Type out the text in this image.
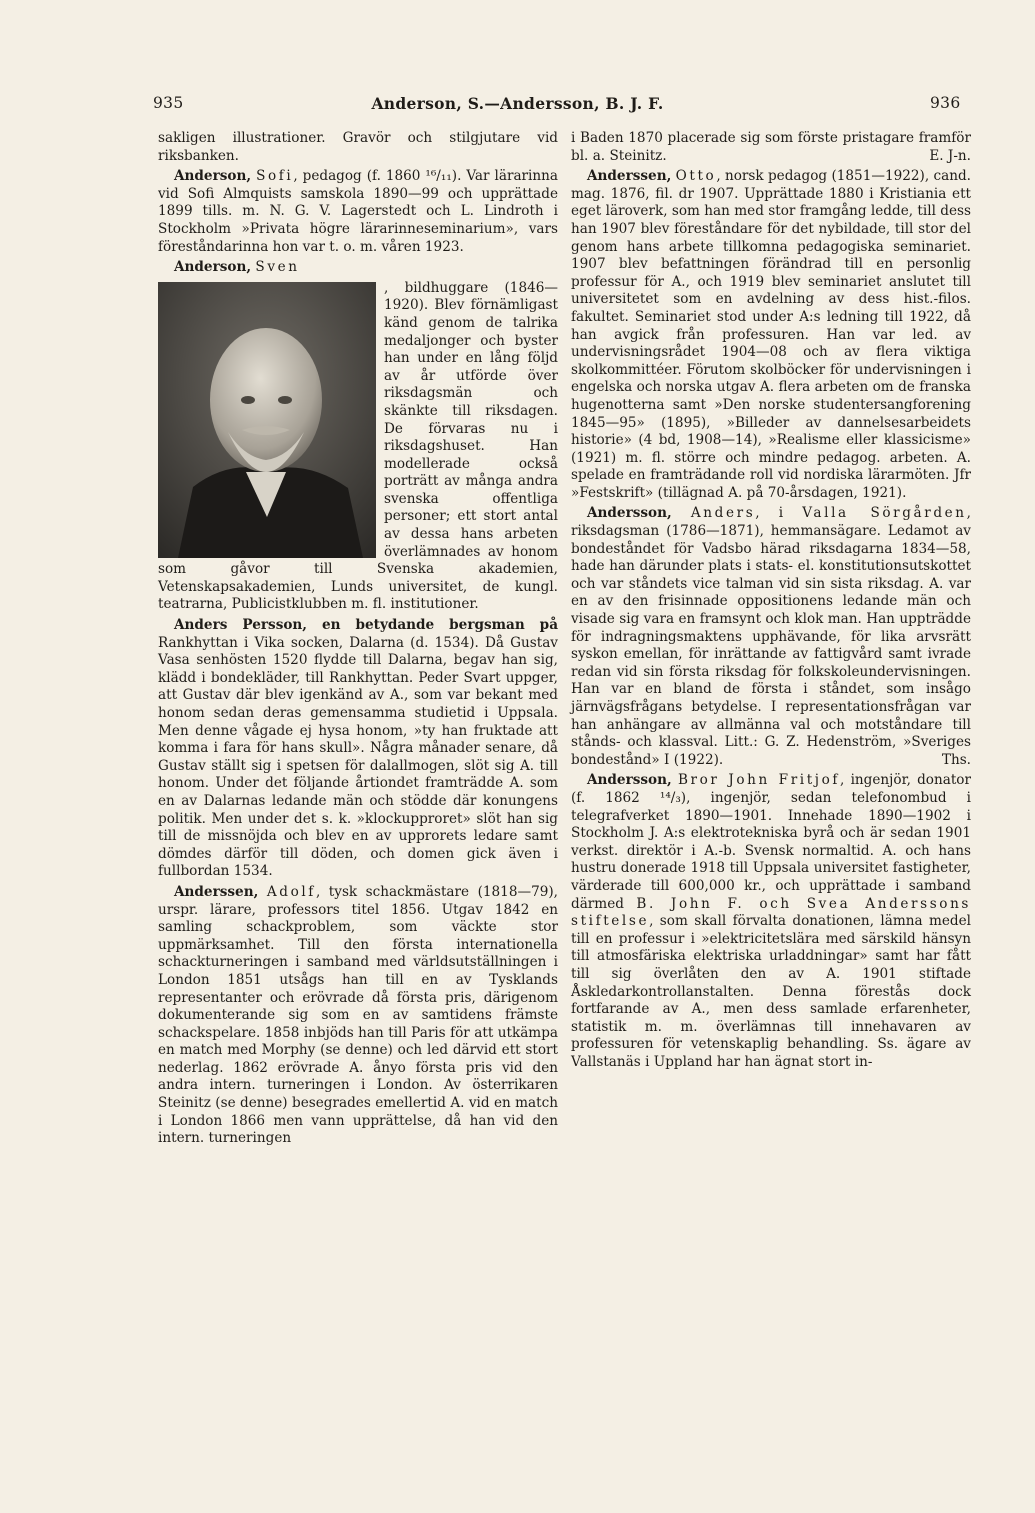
935	Anderson, S.—Andersson, B. J. F.	936

sakligen illustrationer. Gravör och stilgjutare vid riksbanken.

Anderson, Sofi, pedagog (f. 1860 ¹⁶/₁₁). Var lärarinna vid Sofi Almquists samskola 1890—99 och upprättade 1899 tills. m. N. G. V. Lagerstedt och L. Lindroth i Stockholm »Privata högre lärarinneseminarium», vars föreståndarinna hon var t. o. m. våren 1923.

Anderson, Sven

, bildhuggare (1846—1920). Blev förnämligast känd genom de talrika medaljonger och byster han under en lång följd av år utförde över riksdagsmän och skänkte till riksdagen. De förvaras nu i riksdagshuset. Han modellerade också porträtt av många andra svenska offentliga personer; ett stort antal av dessa hans arbeten överlämnades av honom som gåvor till Svenska akademien, Vetenskapsakademien, Lunds universitet, de kungl. teatrarna, Publicistklubben m. fl. institutioner.

Anders Persson, en betydande bergsman på Rankhyttan i Vika socken, Dalarna (d. 1534). Då Gustav Vasa senhösten 1520 flydde till Dalarna, begav han sig, klädd i bondekläder, till Rankhyttan. Peder Svart uppger, att Gustav där blev igenkänd av A., som var bekant med honom sedan deras gemensamma studietid i Uppsala. Men denne vågade ej hysa honom, »ty han fruktade att komma i fara för hans skull». Några månader senare, då Gustav ställt sig i spetsen för dalallmogen, slöt sig A. till honom. Under det följande årtiondet framträdde A. som en av Dalarnas ledande män och stödde där konungens politik. Men under det s. k. »klockupproret» slöt han sig till de missnöjda och blev en av upprorets ledare samt dömdes därför till döden, och domen gick även i fullbordan 1534.

Anderssen, Adolf, tysk schackmästare (1818—79), urspr. lärare, professors titel 1856. Utgav 1842 en samling schackproblem, som väckte stor uppmärksamhet. Till den första internationella schackturneringen i samband med världsutställningen i London 1851 utsågs han till en av Tysklands representanter och erövrade då första pris, därigenom dokumenterande sig som en av samtidens främste schackspelare. 1858 inbjöds han till Paris för att utkämpa en match med Morphy (se denne) och led därvid ett stort nederlag. 1862 erövrade A. ånyo första pris vid den andra intern. turneringen i London. Av österrikaren Steinitz (se denne) besegrades emellertid A. vid en match i London 1866 men vann upprättelse, då han vid den intern. turneringen

i Baden 1870 placerade sig som förste pristagare framför bl. a. Steinitz.	E. J-n.

Anderssen, Otto, norsk pedagog (1851—1922), cand. mag. 1876, fil. dr 1907. Upprättade 1880 i Kristiania ett eget läroverk, som han med stor framgång ledde, till dess han 1907 blev föreståndare för det nybildade, till stor del genom hans arbete tillkomna pedagogiska seminariet. 1907 blev befattningen förändrad till en personlig professur för A., och 1919 blev seminariet anslutet till universitetet som en avdelning av dess hist.-filos. fakultet. Seminariet stod under A:s ledning till 1922, då han avgick från professuren. Han var led. av undervisningsrådet 1904—08 och av flera viktiga skolkommittéer. Förutom skolböcker för undervisningen i engelska och norska utgav A. flera arbeten om de franska hugenotterna samt »Den norske studentersangforening 1845—95» (1895), »Billeder av dannelsesarbeidets historie» (4 bd, 1908—14), »Realisme eller klassicisme» (1921) m. fl. större och mindre pedagog. arbeten. A. spelade en framträdande roll vid nordiska lärarmöten. Jfr »Festskrift» (tillägnad A. på 70-årsdagen, 1921).

Andersson, Anders, i Valla Sörgården, riksdagsman (1786—1871), hemmansägare. Ledamot av bondeståndet för Vadsbo härad riksdagarna 1834—58, hade han därunder plats i stats- el. konstitutionsutskottet och var ståndets vice talman vid sin sista riksdag. A. var en av den frisinnade oppositionens ledande män och visade sig vara en framsynt och klok man. Han uppträdde för indragningsmaktens upphävande, för lika arvsrätt syskon emellan, för inrättande av fattigvård samt ivrade redan vid sin första riksdag för folkskoleundervisningen. Han var en bland de första i ståndet, som insågo järnvägsfrågans betydelse. I representationsfrågan var han anhängare av allmänna val och motståndare till stånds- och klassval. Litt.: G. Z. Hedenström, »Sveriges bondestånd» I (1922).	Ths.

Andersson, Bror John Fritjof, ingenjör, donator (f. 1862 ¹⁴/₃), ingenjör, sedan telefonombud i telegrafverket 1890—1901. Innehade 1890—1902 i Stockholm J. A:s elektrotekniska byrå och är sedan 1901 verkst. direktör i A.-b. Svensk normaltid. A. och hans hustru donerade 1918 till Uppsala universitet fastigheter, värderade till 600,000 kr., och upprättade i samband därmed B. John F. och Svea Anderssons stiftelse, som skall förvalta donationen, lämna medel till en professur i »elektricitetslära med särskild hänsyn till atmosfäriska elektriska urladdningar» samt har fått till sig överlåten den av A. 1901 stiftade Åskledarkontrollanstalten. Denna förestås dock fortfarande av A., men dess samlade erfarenheter, statistik m. m. överlämnas till innehavaren av professuren för vetenskaplig behandling. Ss. ägare av Vallstanäs i Uppland har han ägnat stort in-
